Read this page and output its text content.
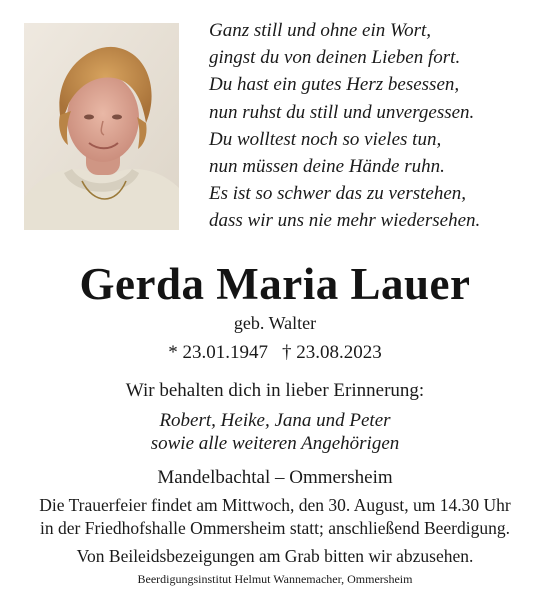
Ganz still und ohne ein Wort,
gingst du von deinen Lieben fort.
Du hast ein gutes Herz besessen,
nun ruhst du still und unvergessen.
Du wolltest noch so vieles tun,
nun müssen deine Hände ruhn.
Es ist so schwer das zu verstehen,
dass wir uns nie mehr wiedersehen.
Gerda Maria Lauer
geb. Walter
* 23.01.1947 † 23.08.2023
Wir behalten dich in lieber Erinnerung:
Robert, Heike, Jana und Peter
sowie alle weiteren Angehörigen
Mandelbachtal – Ommersheim
Die Trauerfeier findet am Mittwoch, den 30. August, um 14.30 Uhr
in der Friedhofshalle Ommersheim statt; anschließend Beerdigung.
Von Beileidsbezeigungen am Grab bitten wir abzusehen.
Beerdigungsinstitut Helmut Wannemacher, Ommersheim
